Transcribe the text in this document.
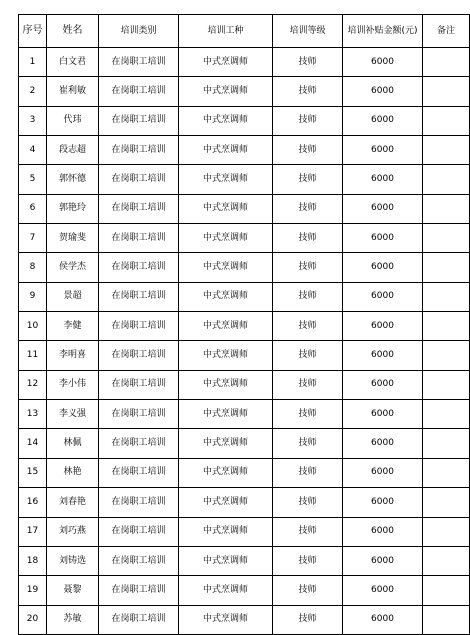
序号	姓名	培训类别	培训工种	培训等级	培训补贴金额(元)	备注
1	白文君	在岗职工培训	中式烹调师	技师	6000	
2	崔利敏	在岗职工培训	中式烹调师	技师	6000	
3	代玮	在岗职工培训	中式烹调师	技师	6000	
4	段志超	在岗职工培训	中式烹调师	技师	6000	
5	郭怀德	在岗职工培训	中式烹调师	技师	6000	
6	郭艳玲	在岗职工培训	中式烹调师	技师	6000	
7	贺瑜斐	在岗职工培训	中式烹调师	技师	6000	
8	侯学杰	在岗职工培训	中式烹调师	技师	6000	
9	景超	在岗职工培训	中式烹调师	技师	6000	
10	李健	在岗职工培训	中式烹调师	技师	6000	
11	李明喜	在岗职工培训	中式烹调师	技师	6000	
12	李小伟	在岗职工培训	中式烹调师	技师	6000	
13	李义强	在岗职工培训	中式烹调师	技师	6000	
14	林佩	在岗职工培训	中式烹调师	技师	6000	
15	林艳	在岗职工培训	中式烹调师	技师	6000	
16	刘春艳	在岗职工培训	中式烹调师	技师	6000	
17	刘巧燕	在岗职工培训	中式烹调师	技师	6000	
18	刘铸选	在岗职工培训	中式烹调师	技师	6000	
19	聂黎	在岗职工培训	中式烹调师	技师	6000	
20	苏敏	在岗职工培训	中式烹调师	技师	6000	
